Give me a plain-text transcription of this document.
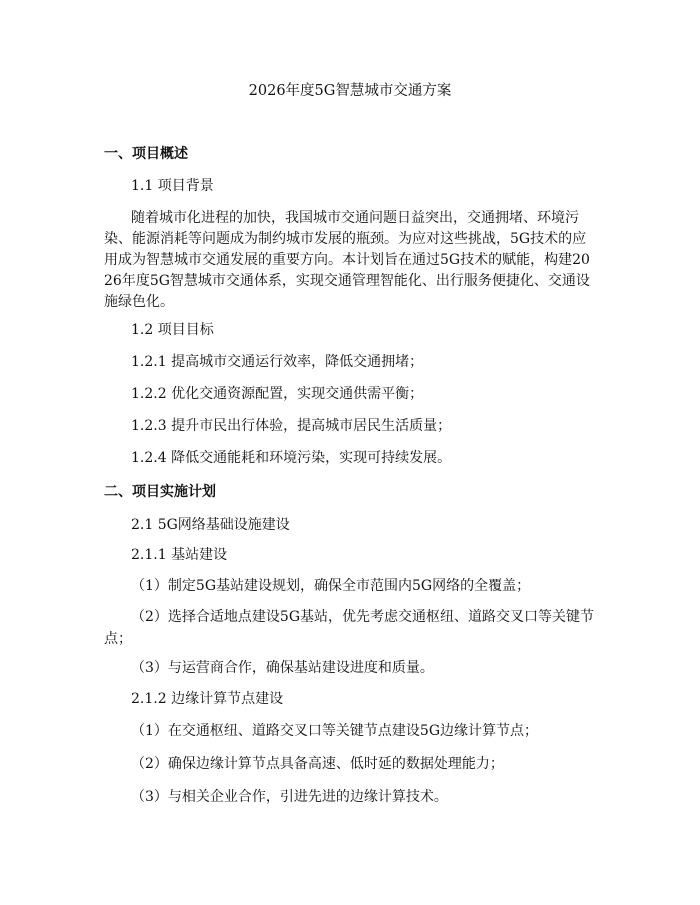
2026年度5G智慧城市交通方案
一、项目概述
1.1 项目背景
随着城市化进程的加快，我国城市交通问题日益突出，交通拥堵、环境污染、能源消耗等问题成为制约城市发展的瓶颈。为应对这些挑战，5G技术的应用成为智慧城市交通发展的重要方向。本计划旨在通过5G技术的赋能，构建2026年度5G智慧城市交通体系，实现交通管理智能化、出行服务便捷化、交通设施绿色化。
1.2 项目目标
1.2.1 提高城市交通运行效率，降低交通拥堵；
1.2.2 优化交通资源配置，实现交通供需平衡；
1.2.3 提升市民出行体验，提高城市居民生活质量；
1.2.4 降低交通能耗和环境污染，实现可持续发展。
二、项目实施计划
2.1 5G网络基础设施建设
2.1.1 基站建设
（1）制定5G基站建设规划，确保全市范围内5G网络的全覆盖；
（2）选择合适地点建设5G基站，优先考虑交通枢纽、道路交叉口等关键节点；
（3）与运营商合作，确保基站建设进度和质量。
2.1.2 边缘计算节点建设
（1）在交通枢纽、道路交叉口等关键节点建设5G边缘计算节点；
（2）确保边缘计算节点具备高速、低时延的数据处理能力；
（3）与相关企业合作，引进先进的边缘计算技术。
